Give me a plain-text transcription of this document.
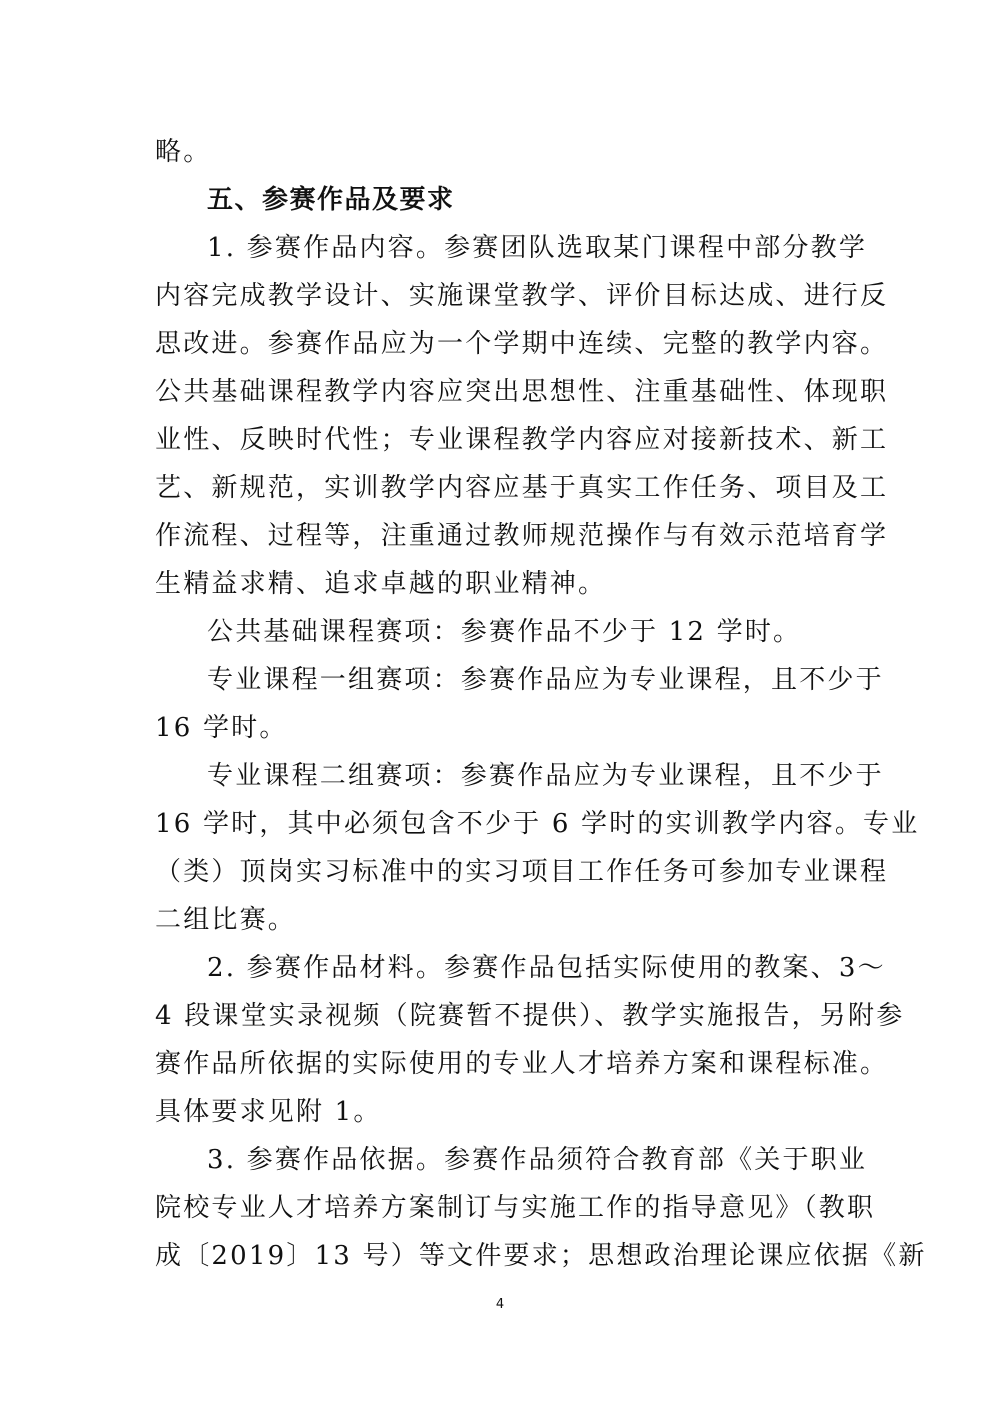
略。
五、参赛作品及要求
1. 参赛作品内容。参赛团队选取某门课程中部分教学
内容完成教学设计、实施课堂教学、评价目标达成、进行反
思改进。参赛作品应为一个学期中连续、完整的教学内容。
公共基础课程教学内容应突出思想性、注重基础性、体现职
业性、反映时代性；专业课程教学内容应对接新技术、新工
艺、新规范，实训教学内容应基于真实工作任务、项目及工
作流程、过程等，注重通过教师规范操作与有效示范培育学
生精益求精、追求卓越的职业精神。
公共基础课程赛项：参赛作品不少于 12 学时。
专业课程一组赛项：参赛作品应为专业课程，且不少于
16 学时。
专业课程二组赛项：参赛作品应为专业课程，且不少于
16 学时，其中必须包含不少于 6 学时的实训教学内容。专业
（类）顶岗实习标准中的实习项目工作任务可参加专业课程
二组比赛。
2. 参赛作品材料。参赛作品包括实际使用的教案、3～
4 段课堂实录视频（院赛暂不提供）、教学实施报告，另附参
赛作品所依据的实际使用的专业人才培养方案和课程标准。
具体要求见附 1。
3. 参赛作品依据。参赛作品须符合教育部《关于职业
院校专业人才培养方案制订与实施工作的指导意见》（教职
成〔2019〕13 号）等文件要求；思想政治理论课应依据《新
4
